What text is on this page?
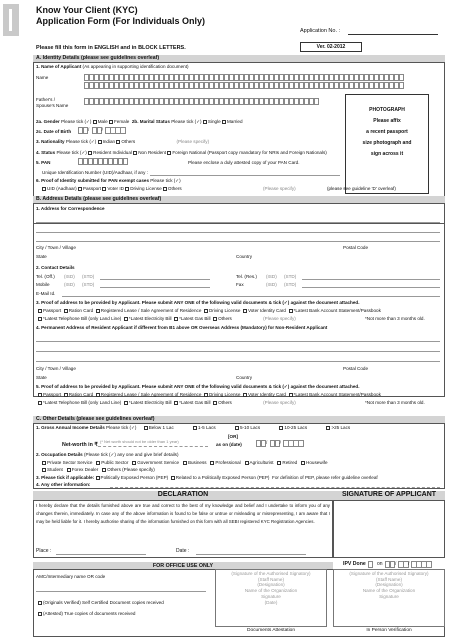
Know Your Client (KYC)
Application Form (For Individuals Only)
Application No. :
Please fill this form in ENGLISH and in BLOCK LETTERS.	Ver. 02-2012
A. Identity Details (please see guidelines overleaf)
1. Name of Applicant (As appearing in supporting identification document)
Name
Father's /
Spouse's Name
PHOTOGRAPH
Please affix
a recent passport
size photograph and
sign across it
2a. Gender Please tick (✓) Male Female 2b. Marital Status Please tick (✓) Single Married
2c. Date of Birth	/	/
3. Nationality Please tick (✓) Indian Others	(Please specify)
4. Status Please tick (✓) Resident Individual Non Resident Foreign National (Passport copy mandatory for NRIs and Foreign Nationals)
5. PAN	Please enclose a duly attested copy of your PAN Card.
Unique Identification Number (UID)/Aadhaar, if any :
6. Proof of Identity submitted for PAN exempt cases Please tick (✓)
UID (Aadhaar) Passport Voter ID Driving License Others	(Please specify)	(please see guideline 'D' overleaf)
B. Address Details (please see guidelines overleaf)
1. Address for Correspondence
City / Town / Village	Postal Code
State	Country
2. Contact Details
Tel. (Off.) (ISD) (STD)	Tel. (Res.) (ISD) (STD)
Mobile	(ISD) (STD)	Fax	(ISD) (STD)
E-Mail Id.
3. Proof of address to be provided by Applicant. Please submit ANY ONE of the following valid documents & tick (✓) against the document attached.
Passport Ration Card Registered Lease / Sale Agreement of Residence Driving License Voter Identity Card *Latest Bank Account Statement/Passbook
*Latest Telephone Bill (only Land Line) *Latest Electricity Bill *Latest Gas Bill Others	(Please specify)	*Not more than 3 months old.
4. Permanent Address of Resident Applicant if different from B1 above OR Overseas Address (Mandatory) for Non-Resident Applicant
City / Town / Village	Postal Code
State	Country
5. Proof of address to be provided by Applicant. Please submit ANY ONE of the following valid documents & tick (✓) against the document attached.
Passport Ration Card Registered Lease / Sale Agreement of Residence Driving License Voter Identity Card *Latest Bank Account Statement/Passbook
*Latest Telephone Bill (only Land Line) *Latest Electricity Bill *Latest Gas Bill Others	(Please specify)	*Not more than 3 months old.
C. Other Details (please see guidelines overleaf)
1. Gross Annual Income Details Please tick (✓)	Below 1 Lac	1-5 Lacs	5-10 Lacs	10-25 Lacs	>25 Lacs
[OR]
Net-worth in ₹
(* Net worth should not be older than 1 year)
as on (date)	/	/
2. Occupation Details (Please tick (✓) any one and give brief details)
Private Sector Service Public Sector Government Service Business Professional Agriculturist Retired Housewife
Student Forex Dealer Others (Please specify)
3. Please tick if applicable: Politically Exposed Person (PEP) Related to a Politically Exposed Person (PEP) For definition of PEP, please refer guideline overleaf
4. Any other information:
DECLARATION	SIGNATURE OF APPLICANT
I hereby declare that the details furnished above are true and correct to the best of my knowledge and belief and I undertake to inform you of any changes therein, immediately. In case any of the above information is found to be false or untrue or misleading or misrepresenting, I am aware that I may be held liable for it. I hereby authorise sharing of the information furnished on this form with all SEBI registered KYC Registration Agencies.
Place :	Date :
FOR OFFICE USE ONLY	IPV Done on	/	/
AMC/Intermediary name OR code
(Originals Verified) Self Certified Document copies received
(Attested) True copies of documents received
(Signature of the Authorised Signatory)
(Staff Name)
(Designation)
Name of the Organization
Signature
(Date)
Documents Attestation
(Signature of the Authorised Signatory)
(Staff Name)
(Designation)
Name of the Organization
Signature
In Person Verification
